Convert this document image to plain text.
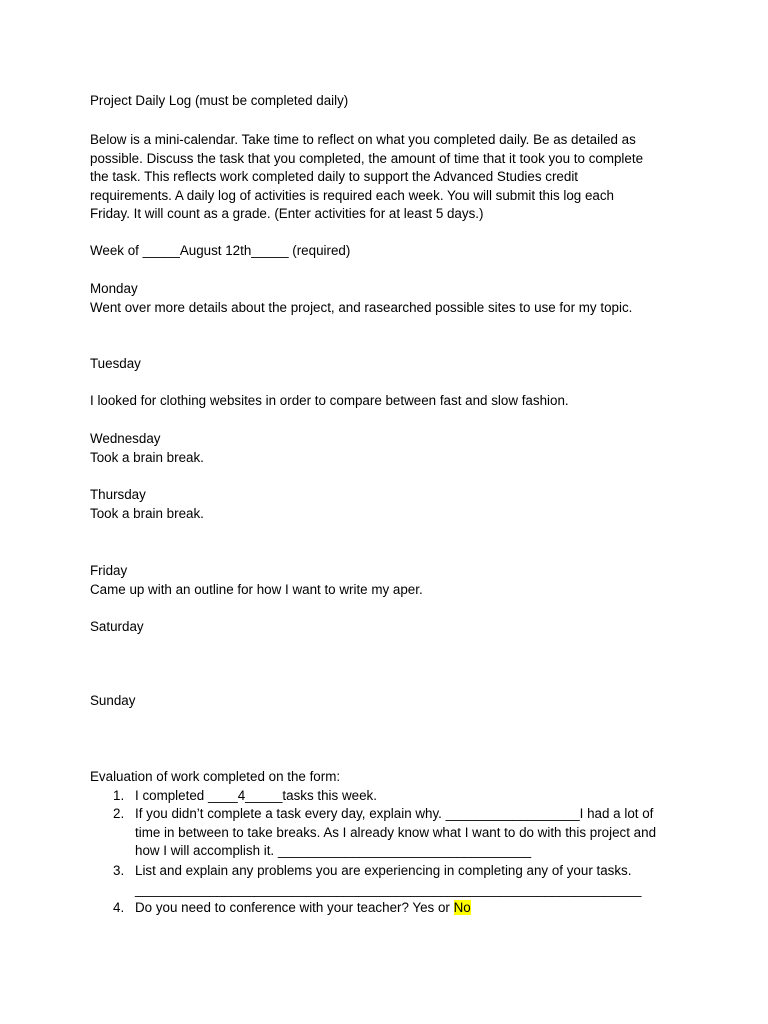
Project Daily Log (must be completed daily)

Below is a mini-calendar. Take time to reflect on what you completed daily. Be as detailed as

possible. Discuss the task that you completed, the amount of time that it took you to complete

the task. This reflects work completed daily to support the Advanced Studies credit

requirements. A daily log of activities is required each week. You will submit this log each

Friday. It will count as a grade. (Enter activities for at least 5 days.)

Week of _____August 12th_____ (required)

Monday

Went over more details about the project, and rasearched possible sites to use for my topic.

Tuesday

I looked for clothing websites in order to compare between fast and slow fashion.

Wednesday

Took a brain break.

Thursday

Took a brain break.

Friday

Came up with an outline for how I want to write my aper.

Saturday

Sunday

Evaluation of work completed on the form:

1. I completed ____4_____tasks this week.
2. If you didn’t complete a task every day, explain why. __________________I had a lot of
time in between to take breaks. As I already know what I want to do with this project and
how I will accomplish it. __________________________________
3. List and explain any problems you are experiencing in completing any of your tasks.
____________________________________________________________________
4. Do you need to conference with your teacher? Yes or No
